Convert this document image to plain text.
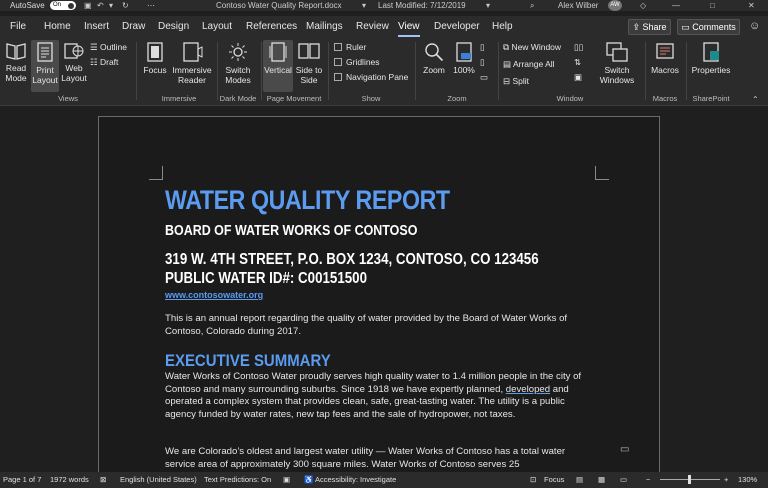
AutoSave	On	▣ ↶ ▾ ↻ ⋯	Contoso Water Quality Report.docx	▾ Last Modified: 7/12/2019	▾	⌕	Alex Wilber	AW	◇	—	□	✕
File Home Insert Draw Design Layout References Mailings Review View Developer Help	⇪ Share	▭ Comments	☺
Read Mode
Print Layout
Web Layout
☰ Outline
☷ Draft
Views
Focus Immersive Reader
Immersive
Switch Modes
Dark Mode
Vertical Side to Side
Page Movement
Ruler
Gridlines
Navigation Pane
Show
Zoom 100%
▯
▯
▭
Zoom
⧉ New Window
▤ Arrange All
⊟ Split
▯▯
⇅
▣
Switch Windows
Window
Macros
Macros
Properties
SharePoint	⌃
WATER QUALITY REPORT
BOARD OF WATER WORKS OF CONTOSO
319 W. 4TH STREET, P.O. BOX 1234, CONTOSO, CO 123456
PUBLIC WATER ID#: C00151500
www.contosowater.org
This is an annual report regarding the quality of water provided by the Board of Water Works of Contoso, Colorado during 2017.
EXECUTIVE SUMMARY
Water Works of Contoso Water proudly serves high quality water to 1.4 million people in the city of Contoso and many surrounding suburbs. Since 1918 we have expertly planned, developed and operated a complex system that provides clean, safe, great-tasting water. The utility is a public agency funded by water rates, new tap fees and the sale of hydropower, not taxes.
We are Colorado’s oldest and largest water utility — Water Works of Contoso has a total water service area of approximately 300 square miles. Water Works of Contoso serves 25
▭
Page 1 of 7 1972 words ⊠ English (United States) Text Predictions: On ▣ ♿ Accessibility: Investigate	⊡ Focus ▤ ▦ ▭	−	+ 130%
